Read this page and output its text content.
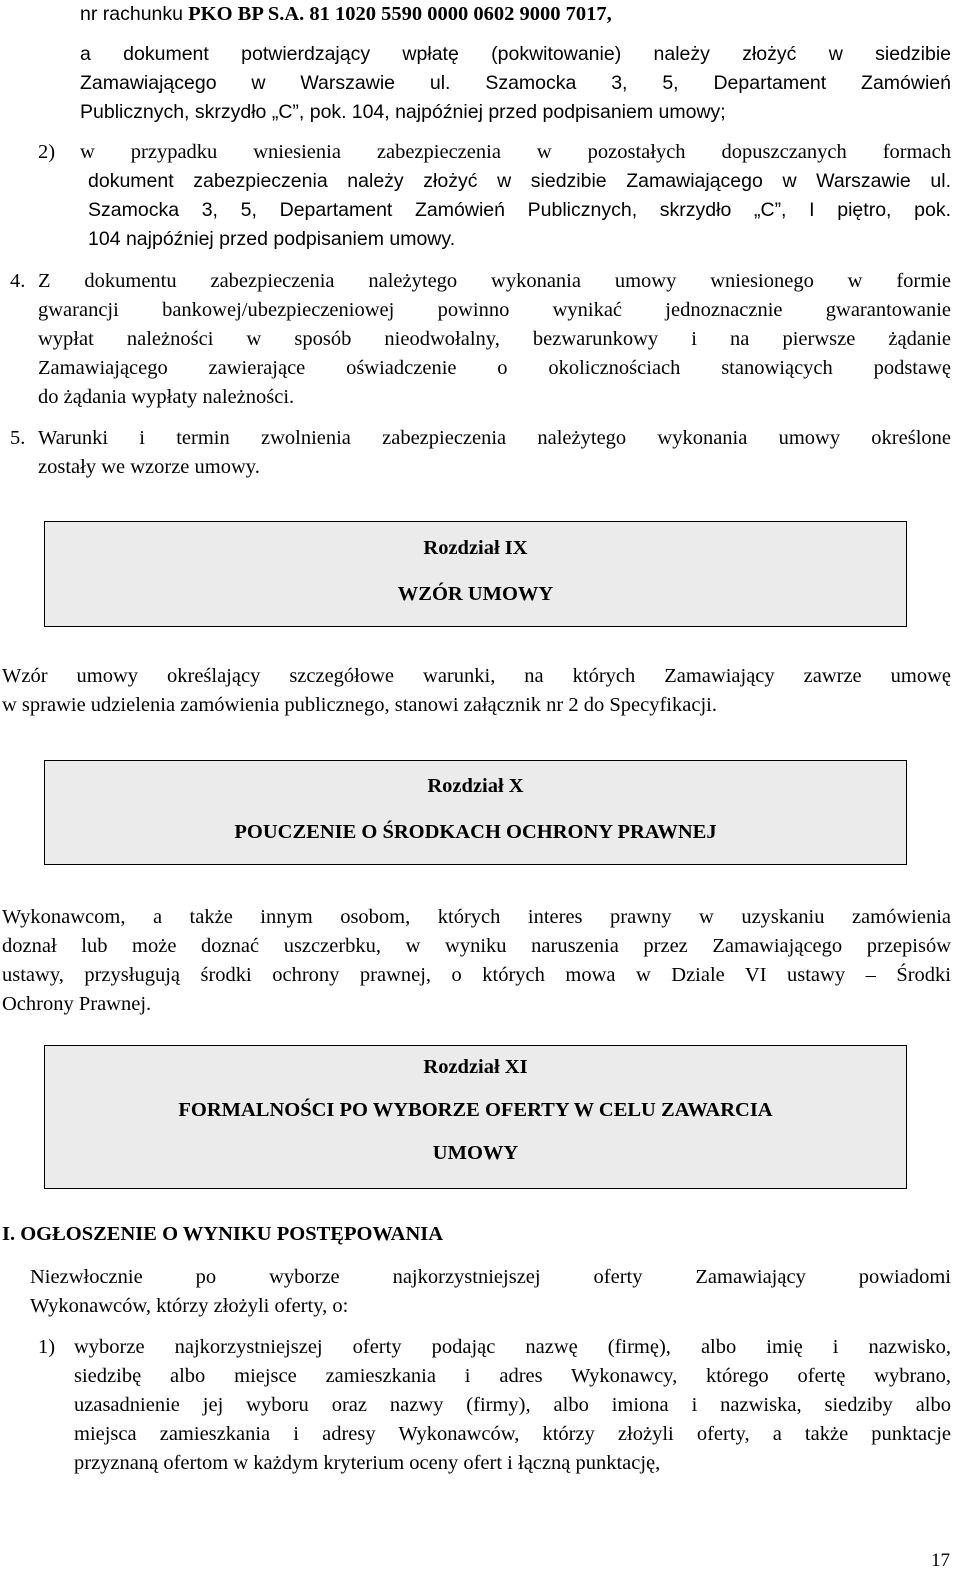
nr rachunku PKO BP S.A. 81 1020 5590 0000 0602 9000 7017,
a dokument potwierdzający wpłatę (pokwitowanie) należy złożyć w siedzibie
Zamawiającego w Warszawie ul. Szamocka 3, 5, Departament Zamówień
Publicznych, skrzydło „C”, pok. 104, najpóźniej przed podpisaniem umowy;
2) w przypadku wniesienia zabezpieczenia w pozostałych dopuszczanych formach
dokument zabezpieczenia należy złożyć w siedzibie Zamawiającego w Warszawie ul.
Szamocka 3, 5, Departament Zamówień Publicznych, skrzydło „C”, I piętro, pok.
104 najpóźniej przed podpisaniem umowy.
4. Z dokumentu zabezpieczenia należytego wykonania umowy wniesionego w formie
gwarancji bankowej/ubezpieczeniowej powinno wynikać jednoznacznie gwarantowanie
wypłat należności w sposób nieodwołalny, bezwarunkowy i na pierwsze żądanie
Zamawiającego zawierające oświadczenie o okolicznościach stanowiących podstawę
do żądania wypłaty należności.
5. Warunki i termin zwolnienia zabezpieczenia należytego wykonania umowy określone
zostały we wzorze umowy.
Rozdział IX
WZÓR UMOWY
Wzór umowy określający szczegółowe warunki, na których Zamawiający zawrze umowę
w sprawie udzielenia zamówienia publicznego, stanowi załącznik nr 2 do Specyfikacji.
Rozdział X
POUCZENIE O ŚRODKACH OCHRONY PRAWNEJ
Wykonawcom, a także innym osobom, których interes prawny w uzyskaniu zamówienia
doznał lub może doznać uszczerbku, w wyniku naruszenia przez Zamawiającego przepisów
ustawy, przysługują środki ochrony prawnej, o których mowa w Dziale VI ustawy – Środki
Ochrony Prawnej.
Rozdział XI
FORMALNOŚCI PO WYBORZE OFERTY W CELU ZAWARCIA
UMOWY
I. OGŁOSZENIE O WYNIKU POSTĘPOWANIA
Niezwłocznie po wyborze najkorzystniejszej oferty Zamawiający powiadomi
Wykonawców, którzy złożyli oferty, o:
1) wyborze najkorzystniejszej oferty podając nazwę (firmę), albo imię i nazwisko,
siedzibę albo miejsce zamieszkania i adres Wykonawcy, którego ofertę wybrano,
uzasadnienie jej wyboru oraz nazwy (firmy), albo imiona i nazwiska, siedziby albo
miejsca zamieszkania i adresy Wykonawców, którzy złożyli oferty, a także punktacje
przyznaną ofertom w każdym kryterium oceny ofert i łączną punktację,
17
